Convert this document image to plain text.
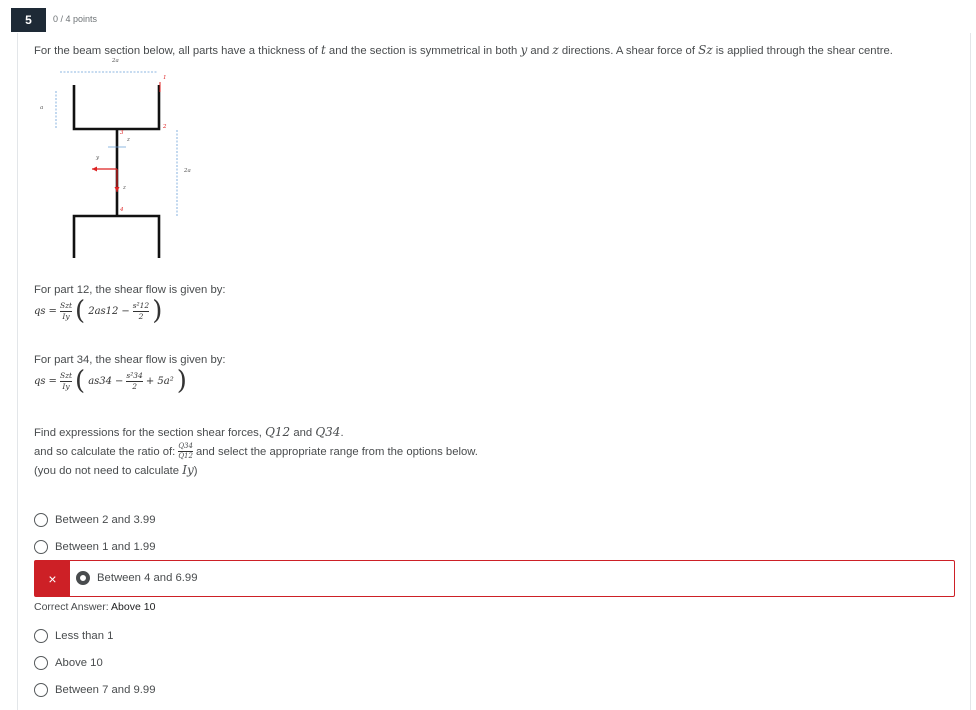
5	0 / 4 points
For the beam section below, all parts have a thickness of t and the section is symmetrical in both y and z directions. A shear force of Sz is applied through the shear centre.
2a
a
2a
1
2
3
4
z
y
z
For part 12, the shear flow is given by:
qs = $\frac{\text{Szt}}{Iy}$ ( $2as12 - \frac{\text{s²12}}{2}$ )
For part 34, the shear flow is given by:
qs = $\frac{\text{Szt}}{Iy}$ ( $as34 - \frac{\text{s²34}}{2} + 5a^2$ )
Find expressions for the section shear forces, Q12 and Q34.
and so calculate the ratio of: Q34
Q12 and select the appropriate range from the options below.
(you do not need to calculate Iy)
Between 2 and 3.99
Between 1 and 1.99
×	Between 4 and 6.99
Correct Answer: Above 10
Less than 1
Above 10
Between 7 and 9.99
